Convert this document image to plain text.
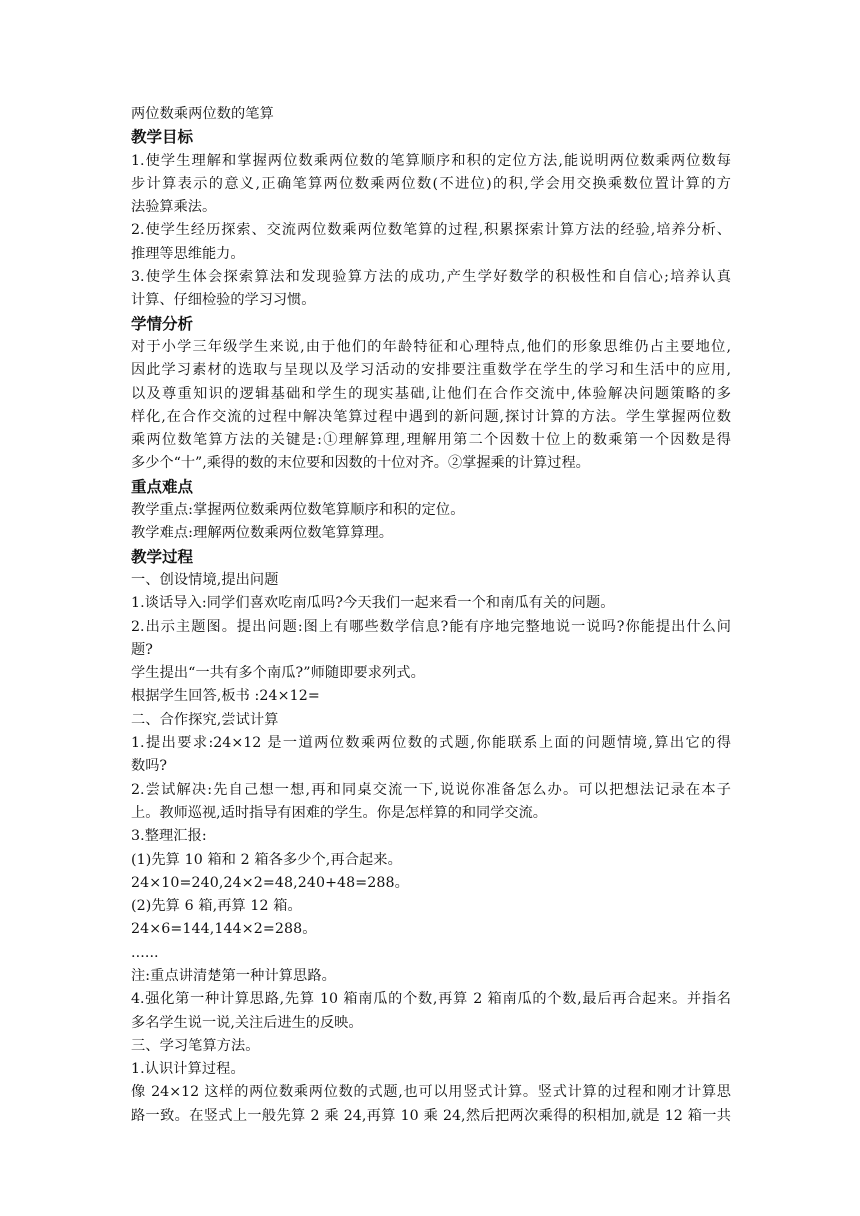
两位数乘两位数的笔算
教学目标
1.使学生理解和掌握两位数乘两位数的笔算顺序和积的定位方法,能说明两位数乘两位数每
步计算表示的意义,正确笔算两位数乘两位数(不进位)的积,学会用交换乘数位置计算的方
法验算乘法。
2.使学生经历探索、交流两位数乘两位数笔算的过程,积累探索计算方法的经验,培养分析、
推理等思维能力。
3.使学生体会探索算法和发现验算方法的成功,产生学好数学的积极性和自信心;培养认真
计算、仔细检验的学习习惯。
学情分析
对于小学三年级学生来说,由于他们的年龄特征和心理特点,他们的形象思维仍占主要地位,
因此学习素材的选取与呈现以及学习活动的安排要注重数学在学生的学习和生活中的应用,
以及尊重知识的逻辑基础和学生的现实基础,让他们在合作交流中,体验解决问题策略的多
样化,在合作交流的过程中解决笔算过程中遇到的新问题,探讨计算的方法。学生掌握两位数
乘两位数笔算方法的关键是:①理解算理,理解用第二个因数十位上的数乘第一个因数是得
多少个“十”,乘得的数的末位要和因数的十位对齐。②掌握乘的计算过程。
重点难点
教学重点:掌握两位数乘两位数笔算顺序和积的定位。
教学难点:理解两位数乘两位数笔算算理。
教学过程
一、创设情境,提出问题
1.谈话导入:同学们喜欢吃南瓜吗?今天我们一起来看一个和南瓜有关的问题。
2.出示主题图。提出问题:图上有哪些数学信息?能有序地完整地说一说吗?你能提出什么问
题?
学生提出“一共有多个南瓜?”师随即要求列式。
根据学生回答,板书 :24×12=
二、合作探究,尝试计算
1.提出要求:24×12 是一道两位数乘两位数的式题,你能联系上面的问题情境,算出它的得
数吗?
2.尝试解决:先自己想一想,再和同桌交流一下,说说你准备怎么办。可以把想法记录在本子
上。教师巡视,适时指导有困难的学生。你是怎样算的和同学交流。
3.整理汇报:
(1)先算 10 箱和 2 箱各多少个,再合起来。
24×10=240,24×2=48,240+48=288。
(2)先算 6 箱,再算 12 箱。
24×6=144,144×2=288。
......
注:重点讲清楚第一种计算思路。
4.强化第一种计算思路,先算 10 箱南瓜的个数,再算 2 箱南瓜的个数,最后再合起来。并指名
多名学生说一说,关注后进生的反映。
三、学习笔算方法。
1.认识计算过程。
像 24×12 这样的两位数乘两位数的式题,也可以用竖式计算。竖式计算的过程和刚才计算思
路一致。在竖式上一般先算 2 乘 24,再算 10 乘 24,然后把两次乘得的积相加,就是 12 箱一共
